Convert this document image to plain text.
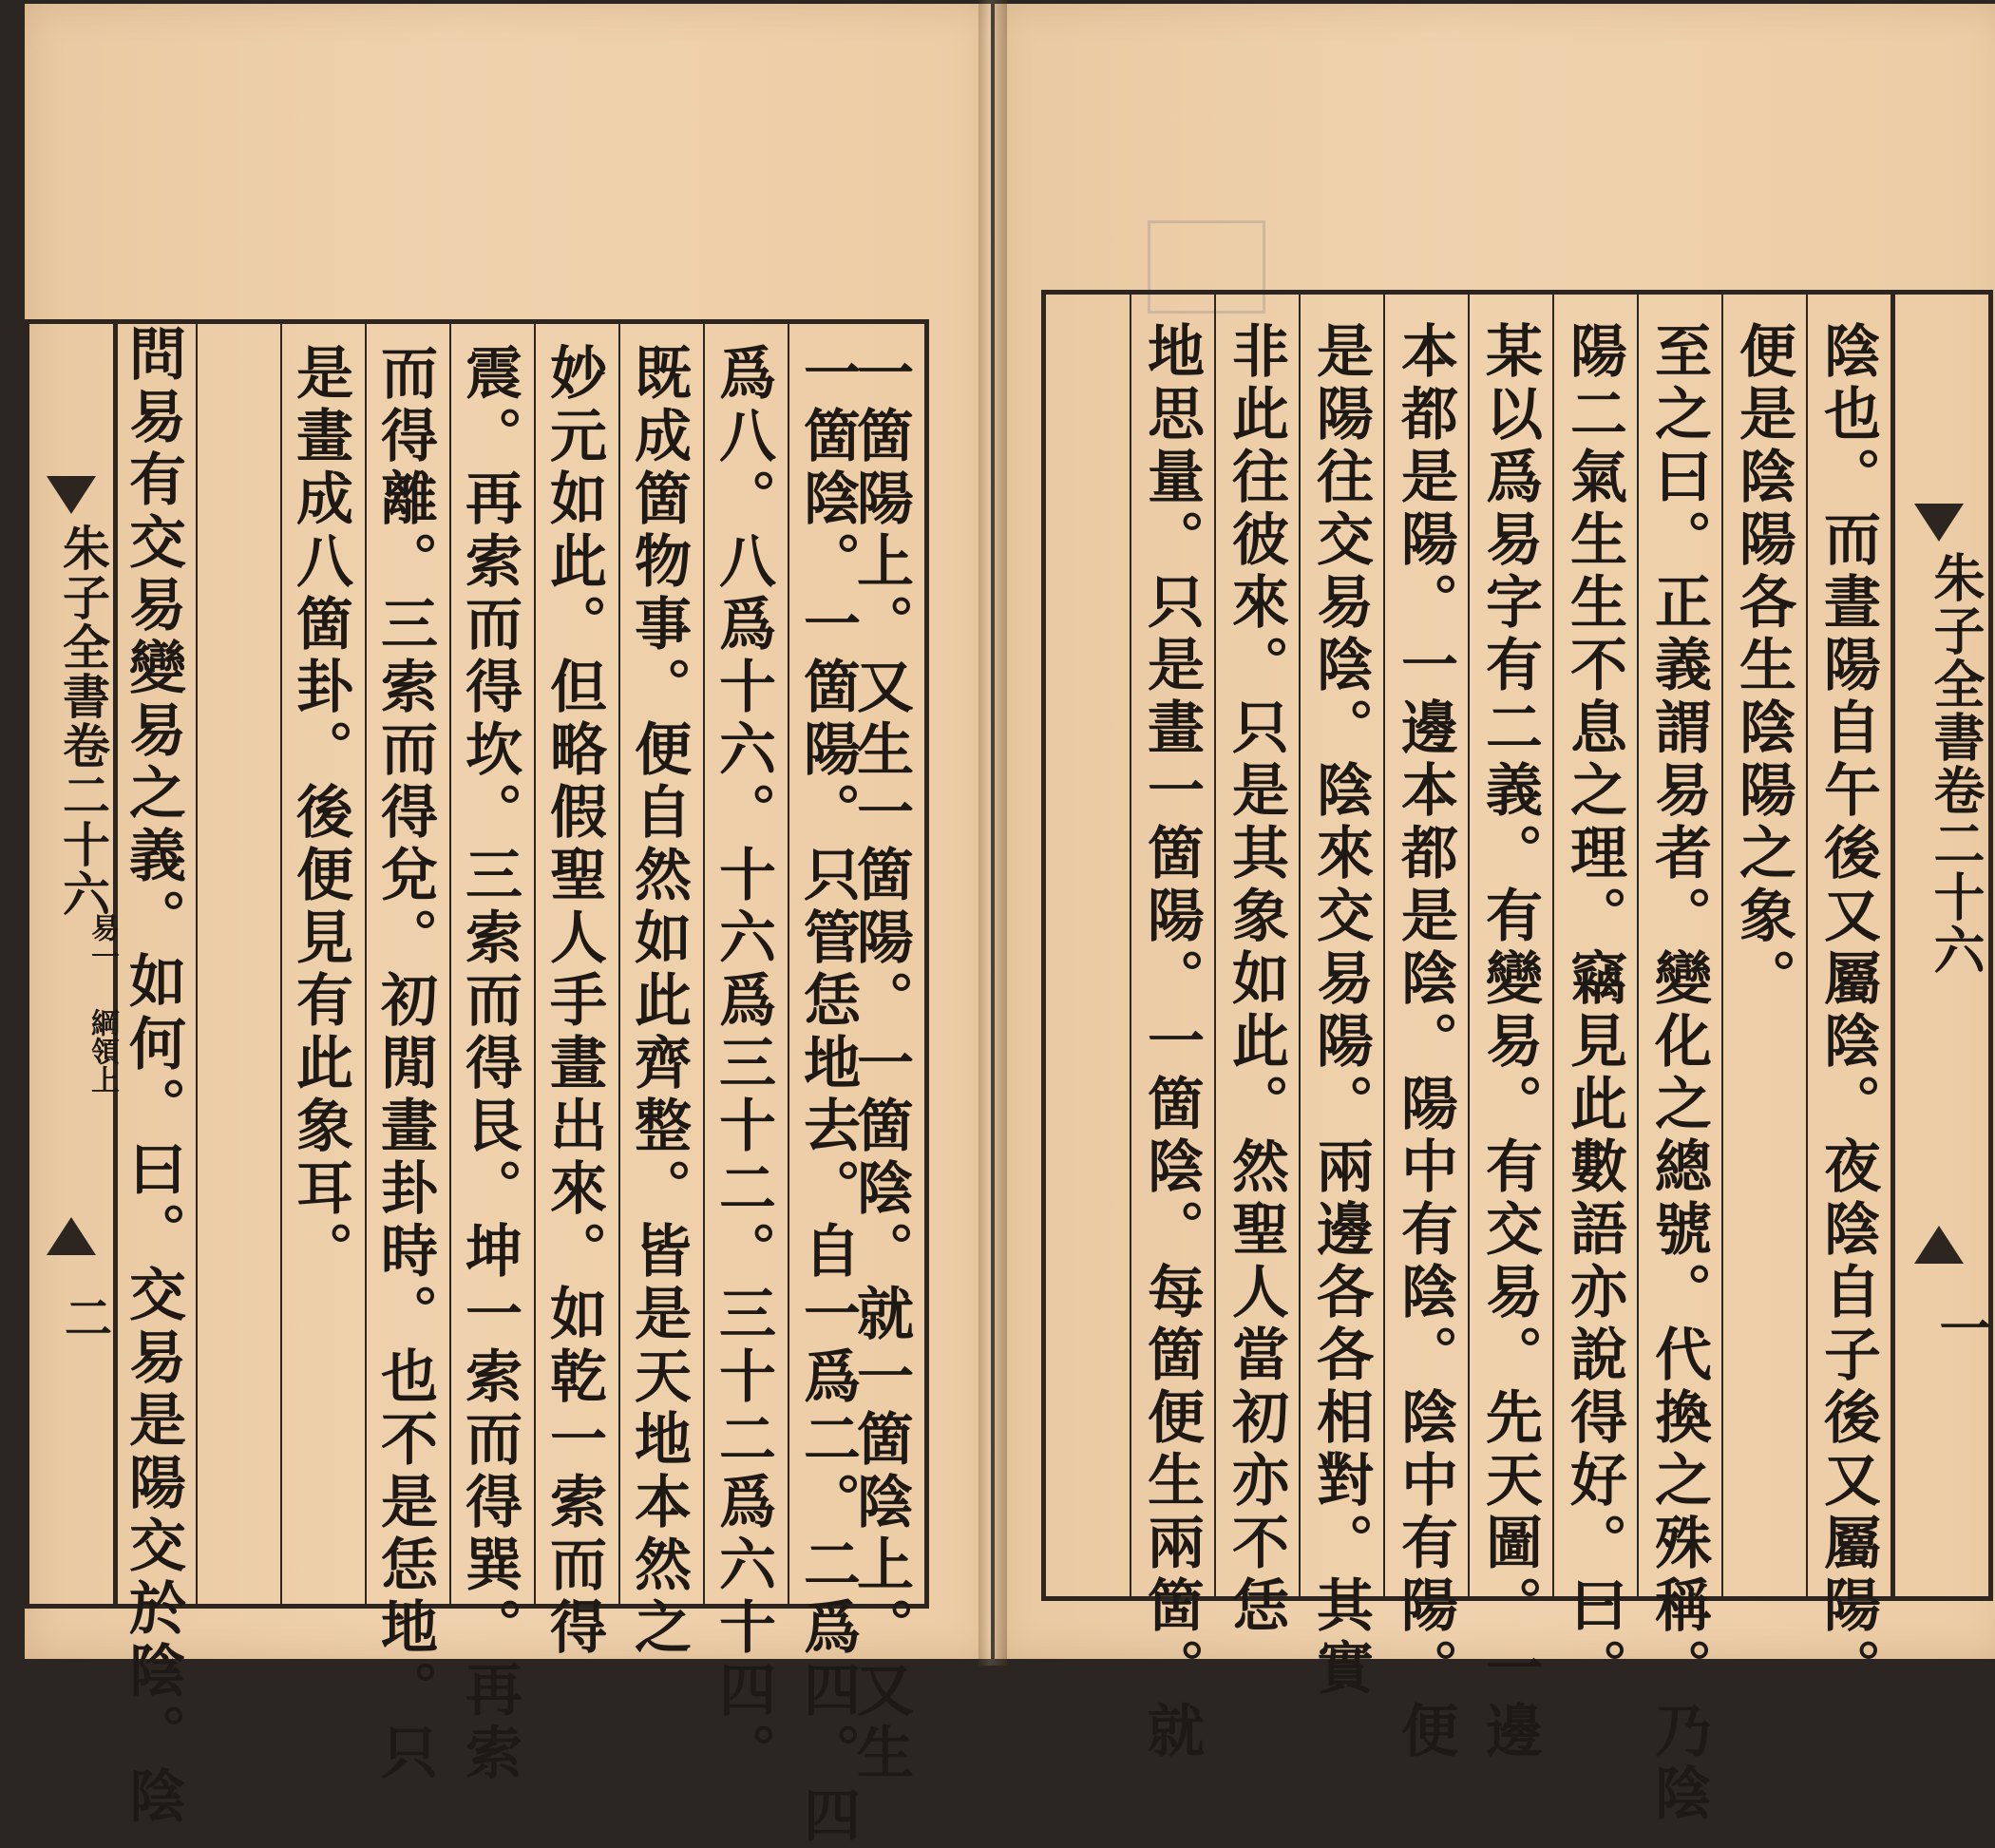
陰也。而晝陽自午後又屬陰。夜陰自子後又屬陽。
便是陰陽各生陰陽之象。
至之曰。正義謂易者。變化之總號。代換之殊稱。乃陰
陽二氣生生不息之理。竊見此數語亦說得好。曰。
某以爲易字有二義。有變易。有交易。先天圖。一邊
本都是陽。一邊本都是陰。陽中有陰。陰中有陽。便
是陽往交易陰。陰來交易陽。兩邊各各相對。其實
非此往彼來。只是其象如此。然聖人當初亦不恁
地思量。只是畫一箇陽。一箇陰。每箇便生兩箇。就	朱子全書卷二十六
一
一箇陽上。又生一箇陽。一箇陰。就一箇陰上。又生
一箇陰。一箇陽。只管恁地去。自一爲二。二爲四。四
爲八。八爲十六。十六爲三十二。三十二爲六十四。
既成箇物事。便自然如此齊整。皆是天地本然之
妙元如此。但略假聖人手畫出來。如乾一索而得
震。再索而得坎。三索而得艮。坤一索而得巽。再索
而得離。三索而得兌。初閒畫卦時。也不是恁地。只
是畫成八箇卦。後便見有此象耳。
問易有交易變易之義。如何。曰。交易是陽交於陰。陰
朱子全書卷二十六
易一
綱領上
二
